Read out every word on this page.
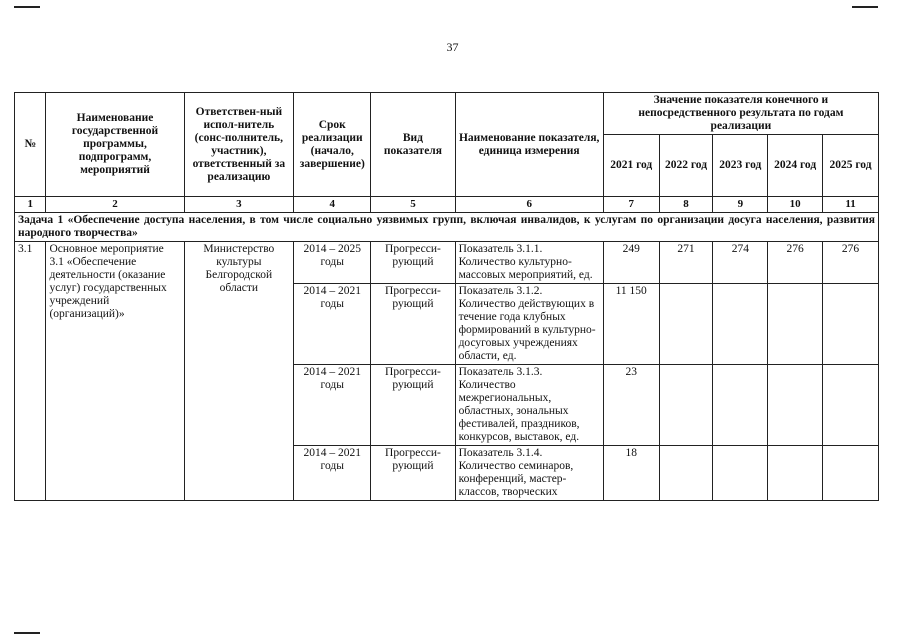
37
№	Наименование государственной программы, подпрограмм, мероприятий	Ответствен-ный испол-нитель (сонс-полнитель, участник), ответственный за реализацию	Срок реализации (начало, завершение)	Вид показателя	Наименование показателя, единица измерения	Значение показателя конечного и непосредственного результата по годам реализации				
						2021 год	2022 год	2023 год	2024 год	2025 год
1	2	3	4	5	6	7	8	9	10	11
Задача 1 «Обеспечение доступа населения, в том числе социально уязвимых групп, включая инвалидов, к услугам по организации досуга населения, развития народного творчества»										
3.1	Основное мероприятие 3.1 «Обеспечение деятельности (оказание услуг) государственных учреждений (организаций)»	Министерство культуры Белгородской области	2014 – 2025 годы	Прогресси-рующий	Показатель 3.1.1. Количество культурно-массовых мероприятий, ед.	249	271	274	276	276
			2014 – 2021 годы	Прогресси-рующий	Показатель 3.1.2. Количество действующих в течение года клубных формирований в культурно-досуговых учреждениях области, ед.	11 150				
			2014 – 2021 годы	Прогресси-рующий	Показатель 3.1.3. Количество межрегиональных, областных, зональных фестивалей, праздников, конкурсов, выставок, ед.	23				
			2014 – 2021 годы	Прогресси-рующий	Показатель 3.1.4. Количество семинаров, конференций, мастер-классов, творческих	18				
